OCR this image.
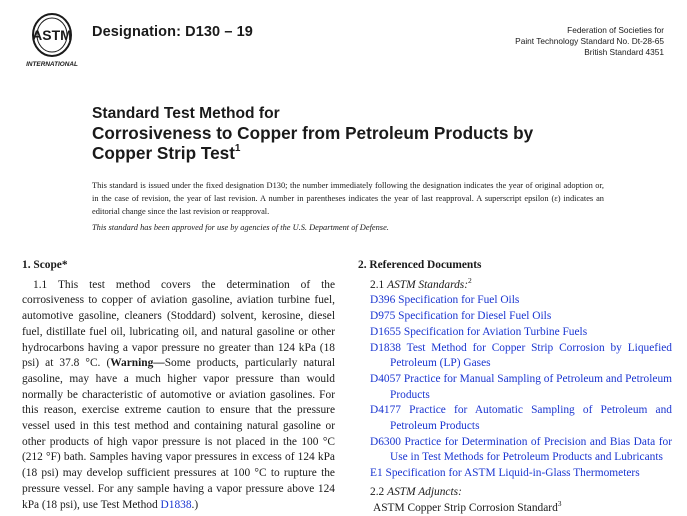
ASTM
INTERNATIONAL
Designation: D130 – 19	Federation of Societies for
Paint Technology Standard No. Dt-28-65
British Standard 4351
Standard Test Method for
Corrosiveness to Copper from Petroleum Products by
Copper Strip Test$^1$
This standard is issued under the fixed designation D130; the number immediately following the designation indicates the year of original adoption or, in the case of revision, the year of last revision. A number in parentheses indicates the year of last reapproval. A superscript epsilon (ε) indicates an editorial change since the last revision or reapproval.
This standard has been approved for use by agencies of the U.S. Department of Defense.
1. Scope*
1.1 This test method covers the determination of the corrosiveness to copper of aviation gasoline, aviation turbine fuel, automotive gasoline, cleaners (Stoddard) solvent, kerosine, diesel fuel, distillate fuel oil, lubricating oil, and natural gasoline or other hydrocarbons having a vapor pressure no greater than 124 kPa (18 psi) at 37.8 °C. (Warning—Some products, particularly natural gasoline, may have a much higher vapor pressure than would normally be characteristic of automotive or aviation gasolines. For this reason, exercise extreme caution to ensure that the pressure vessel used in this test method and containing natural gasoline or other products of high vapor pressure is not placed in the 100 °C (212 °F) bath. Samples having vapor pressures in excess of 124 kPa (18 psi) may develop sufficient pressures at 100 °C to rupture the pressure vessel. For any sample having a vapor pressure above 124 kPa (18 psi), use Test Method D1838.)
2. Referenced Documents
2.1 ASTM Standards:$^2$
D396 Specification for Fuel Oils
D975 Specification for Diesel Fuel Oils
D1655 Specification for Aviation Turbine Fuels
D1838 Test Method for Copper Strip Corrosion by Liquefied Petroleum (LP) Gases
D4057 Practice for Manual Sampling of Petroleum and Petroleum Products
D4177 Practice for Automatic Sampling of Petroleum and Petroleum Products
D6300 Practice for Determination of Precision and Bias Data for Use in Test Methods for Petroleum Products and Lubricants
E1 Specification for ASTM Liquid-in-Glass Thermometers
2.2 ASTM Adjuncts:
ASTM Copper Strip Corrosion Standard$^3$
